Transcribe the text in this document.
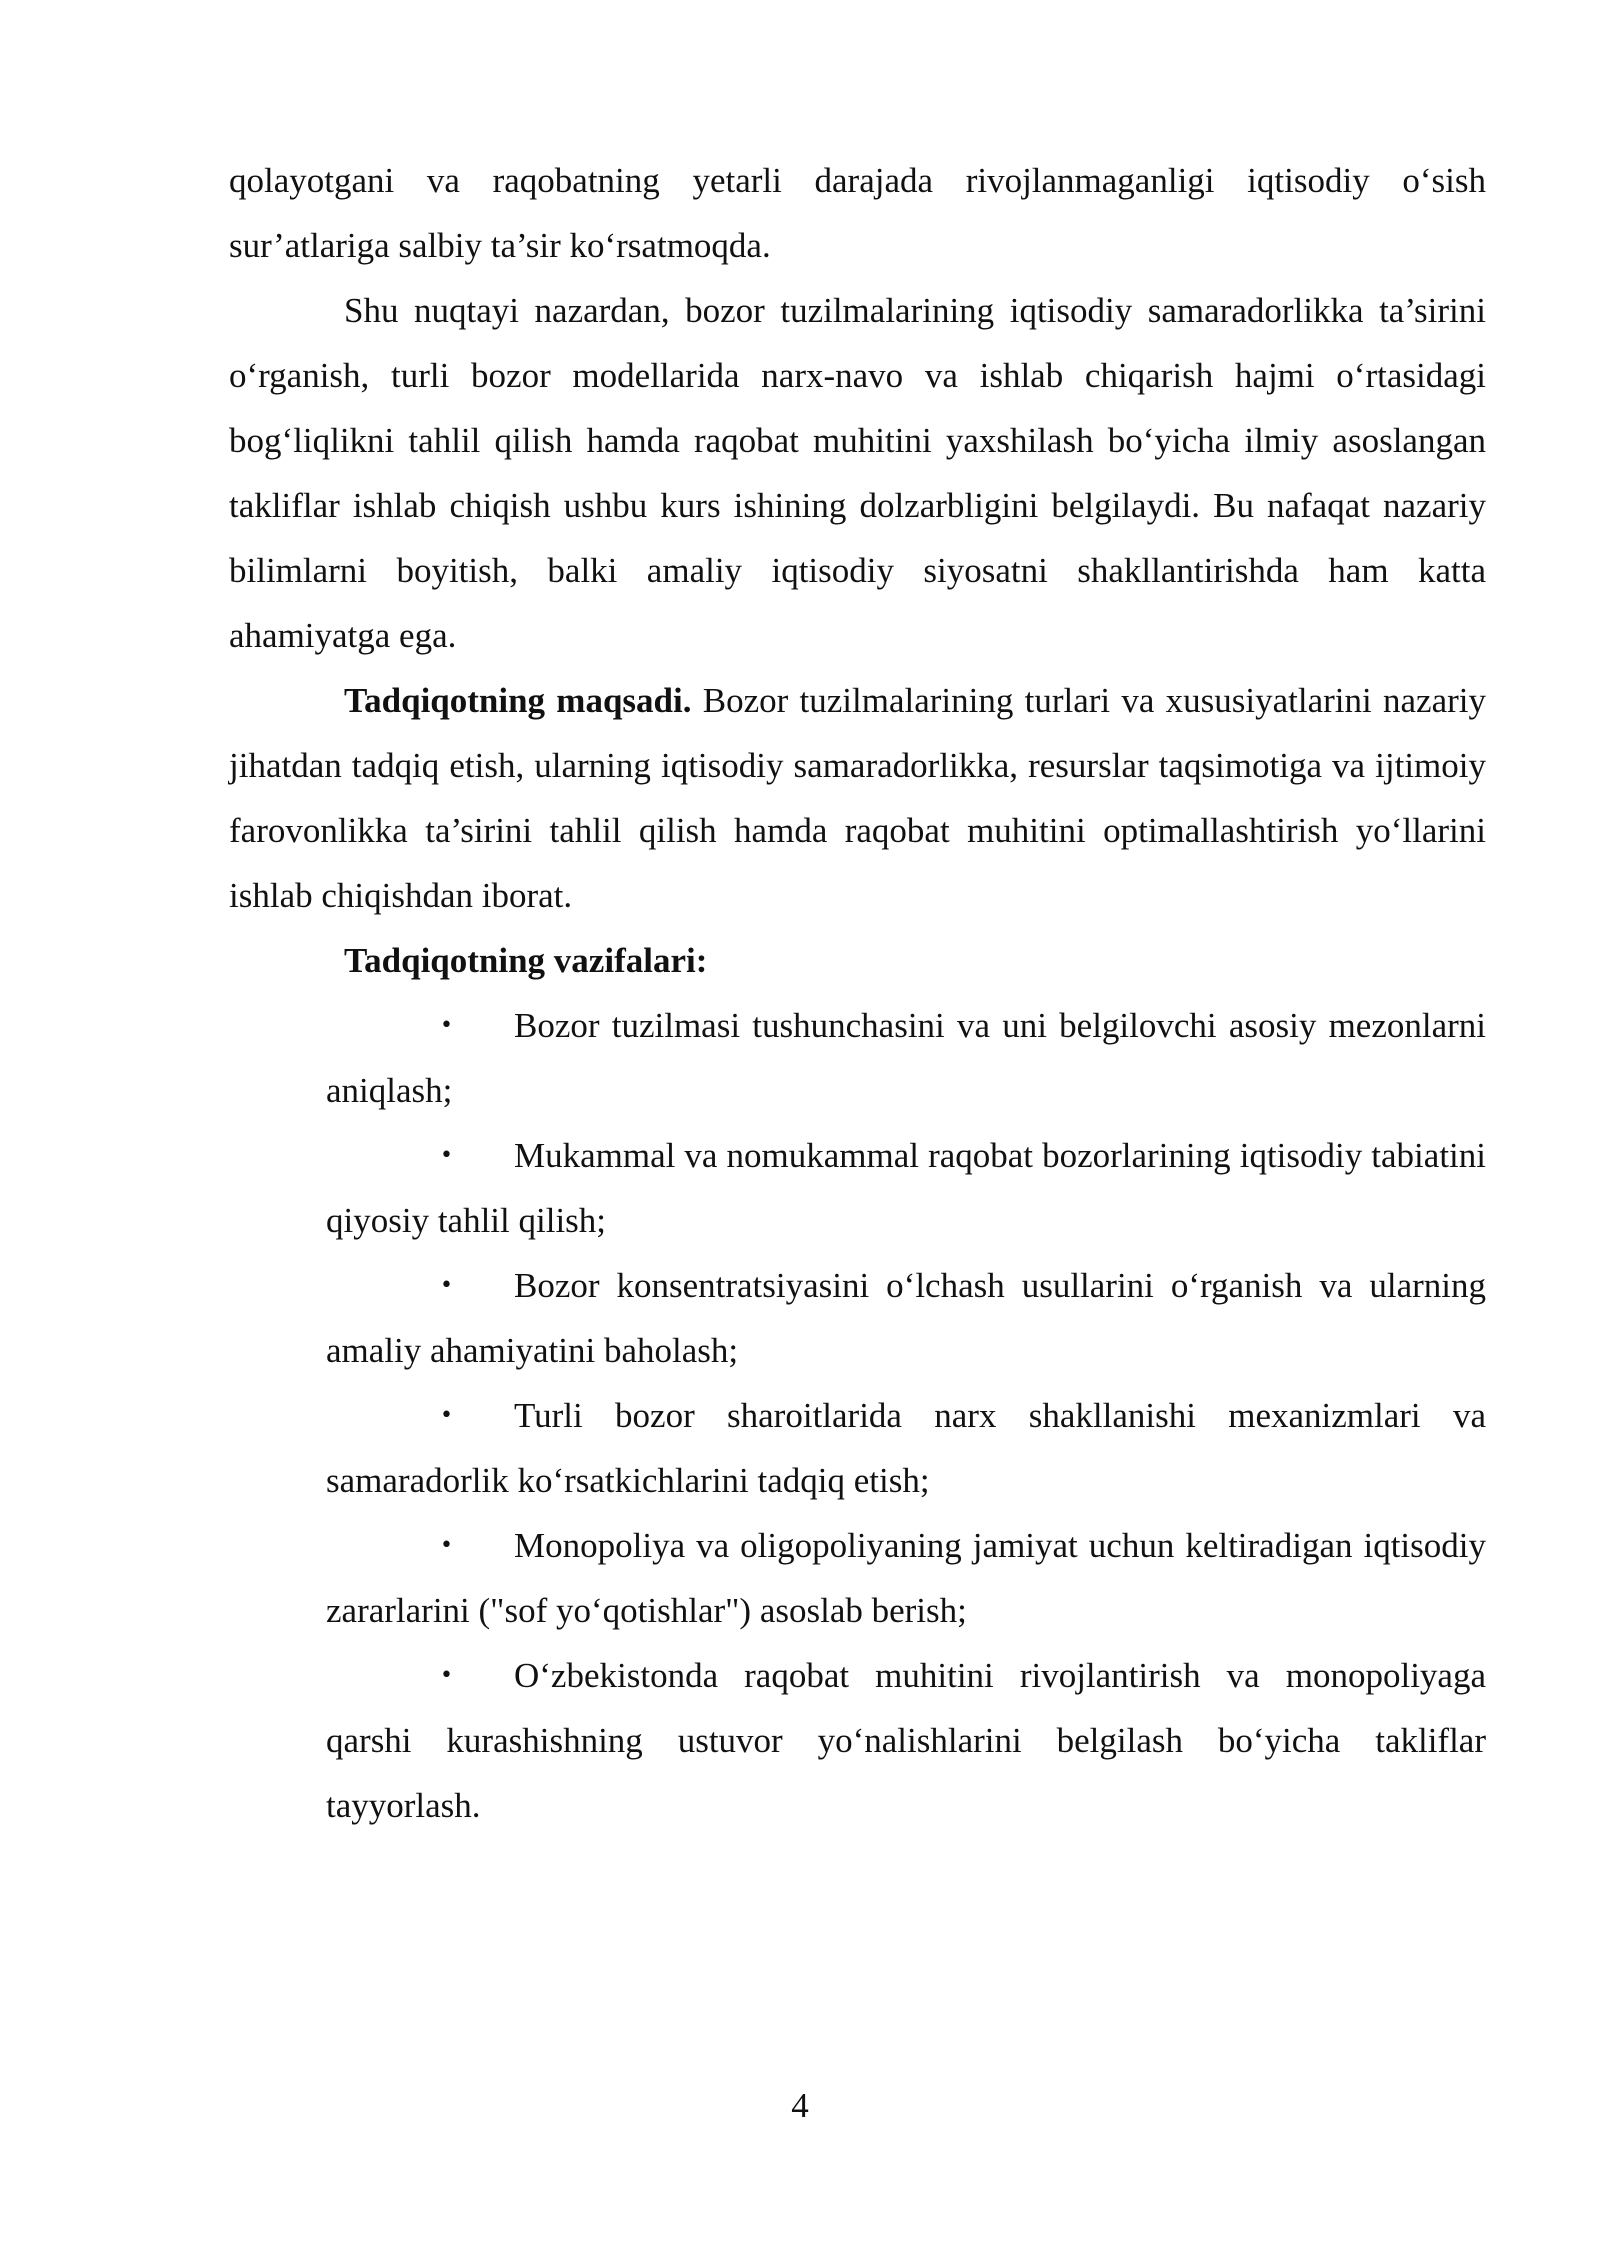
qolayotgani va raqobatning yetarli darajada rivojlanmaganligi iqtisodiy o‘sish sur’atlariga salbiy ta’sir ko‘rsatmoqda.

Shu nuqtayi nazardan, bozor tuzilmalarining iqtisodiy samaradorlikka ta’sirini o‘rganish, turli bozor modellarida narx-navo va ishlab chiqarish hajmi o‘rtasidagi bog‘liqlikni tahlil qilish hamda raqobat muhitini yaxshilash bo‘yicha ilmiy asoslangan takliflar ishlab chiqish ushbu kurs ishining dolzarbligini belgilaydi. Bu nafaqat nazariy bilimlarni boyitish, balki amaliy iqtisodiy siyosatni shakllantirishda ham katta ahamiyatga ega.

Tadqiqotning maqsadi. Bozor tuzilmalarining turlari va xususiyatlarini nazariy jihatdan tadqiq etish, ularning iqtisodiy samaradorlikka, resurslar taqsimotiga va ijtimoiy farovonlikka ta’sirini tahlil qilish hamda raqobat muhitini optimallashtirish yo‘llarini ishlab chiqishdan iborat.

Tadqiqotning vazifalari:

• Bozor tuzilmasi tushunchasini va uni belgilovchi asosiy mezonlarni aniqlash;
• Mukammal va nomukammal raqobat bozorlarining iqtisodiy tabiatini qiyosiy tahlil qilish;
• Bozor konsentratsiyasini o‘lchash usullarini o‘rganish va ularning amaliy ahamiyatini baholash;
• Turli bozor sharoitlarida narx shakllanishi mexanizmlari va samaradorlik ko‘rsatkichlarini tadqiq etish;
• Monopoliya va oligopoliyaning jamiyat uchun keltiradigan iqtisodiy zararlarini ("sof yo‘qotishlar") asoslab berish;
• O‘zbekistonda raqobat muhitini rivojlantirish va monopoliyaga qarshi kurashishning ustuvor yo‘nalishlarini belgilash bo‘yicha takliflar tayyorlash.
4
